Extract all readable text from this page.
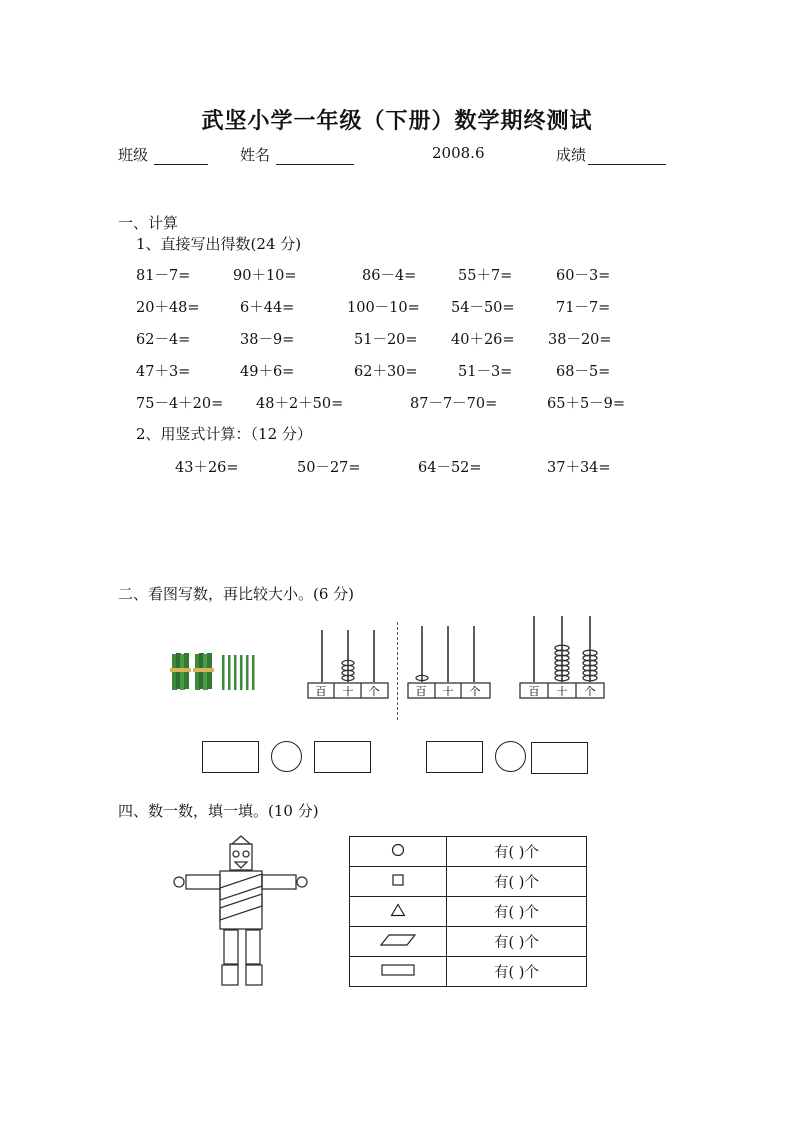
武坚小学一年级（下册）数学期终测试
班级	姓名	2008.6	成绩
一、计算
1、直接写出得数(24 分)
81－7=	90＋10=	86－4=	55＋7=	60－3=
20＋48=	6＋44=	100－10= 54－50=	71－7=
62－4=	38－9=	51－20= 40＋26= 38－20=
47＋3=	49＋6=	62＋30=	51－3=	68－5=
75－4＋20= 48＋2＋50=	87－7－70=	65＋5－9=
2、用竖式计算：（12 分）
43＋26=	50－27=	64－52=	37＋34=
二、看图写数，再比较大小。(6 分)
百 十 个	百 十 个	百 十 个
四、数一数，填一填。(10 分)
	有( )个
	有( )个
	有( )个
	有( )个
	有( )个
